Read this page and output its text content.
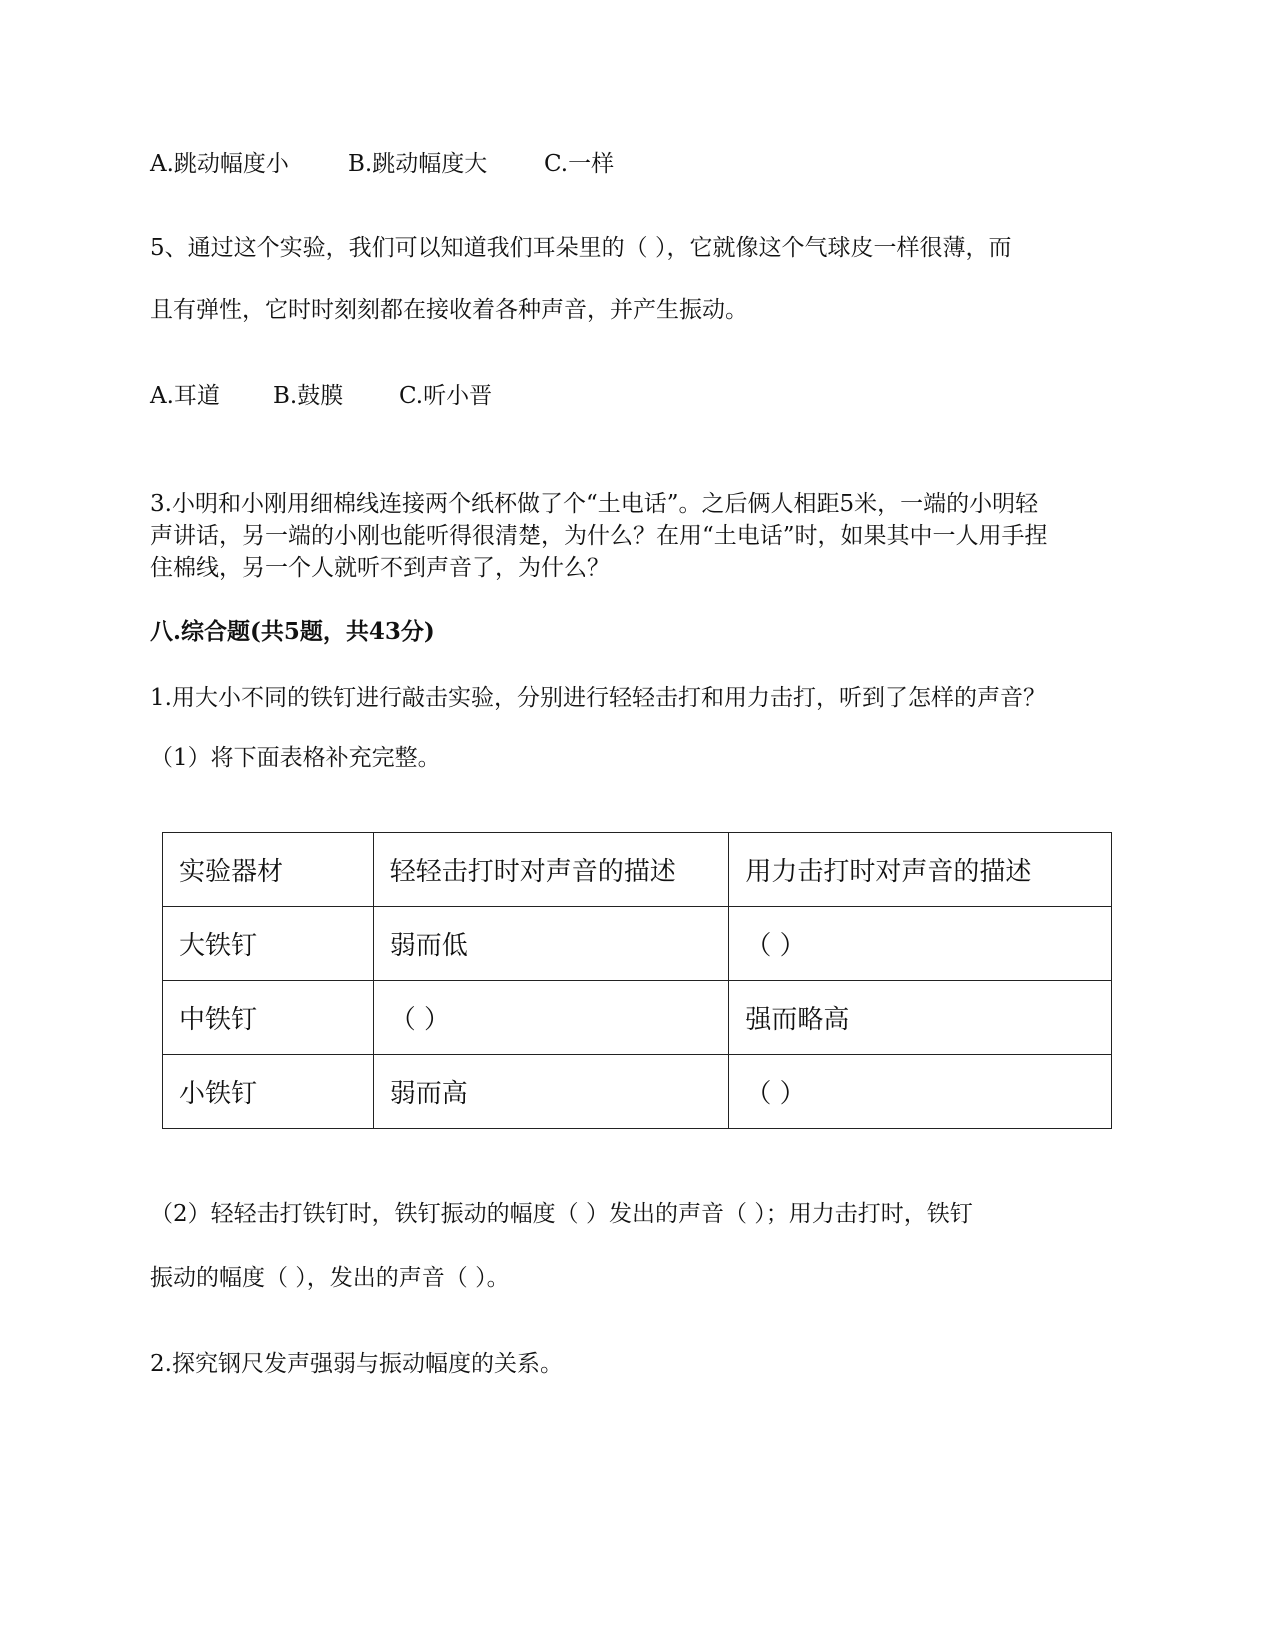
A.跳动幅度小	B.跳动幅度大 C.一样
5、通过这个实验，我们可以知道我们耳朵里的（ ），它就像这个气球皮一样很薄，而
且有弹性，它时时刻刻都在接收着各种声音，并产生振动。
A.耳道 B.鼓膜 C.听小晋
3.小明和小刚用细棉线连接两个纸杯做了个“土电话”。之后俩人相距5米，一端的小明轻
声讲话，另一端的小刚也能听得很清楚，为什么？在用“土电话”时，如果其中一人用手捏
住棉线，另一个人就听不到声音了，为什么？
八.综合题(共5题，共43分)
1.用大小不同的铁钉进行敲击实验，分别进行轻轻击打和用力击打，听到了怎样的声音？
（1）将下面表格补充完整。
实验器材	轻轻击打时对声音的描述	用力击打时对声音的描述
大铁钉	弱而低	（ ）
中铁钉	（ ）	强而略高
小铁钉	弱而高	（ ）
（2）轻轻击打铁钉时，铁钉振动的幅度（ ）发出的声音（ ）；用力击打时，铁钉
振动的幅度（ ），发出的声音（ ）。
2.探究钢尺发声强弱与振动幅度的关系。
